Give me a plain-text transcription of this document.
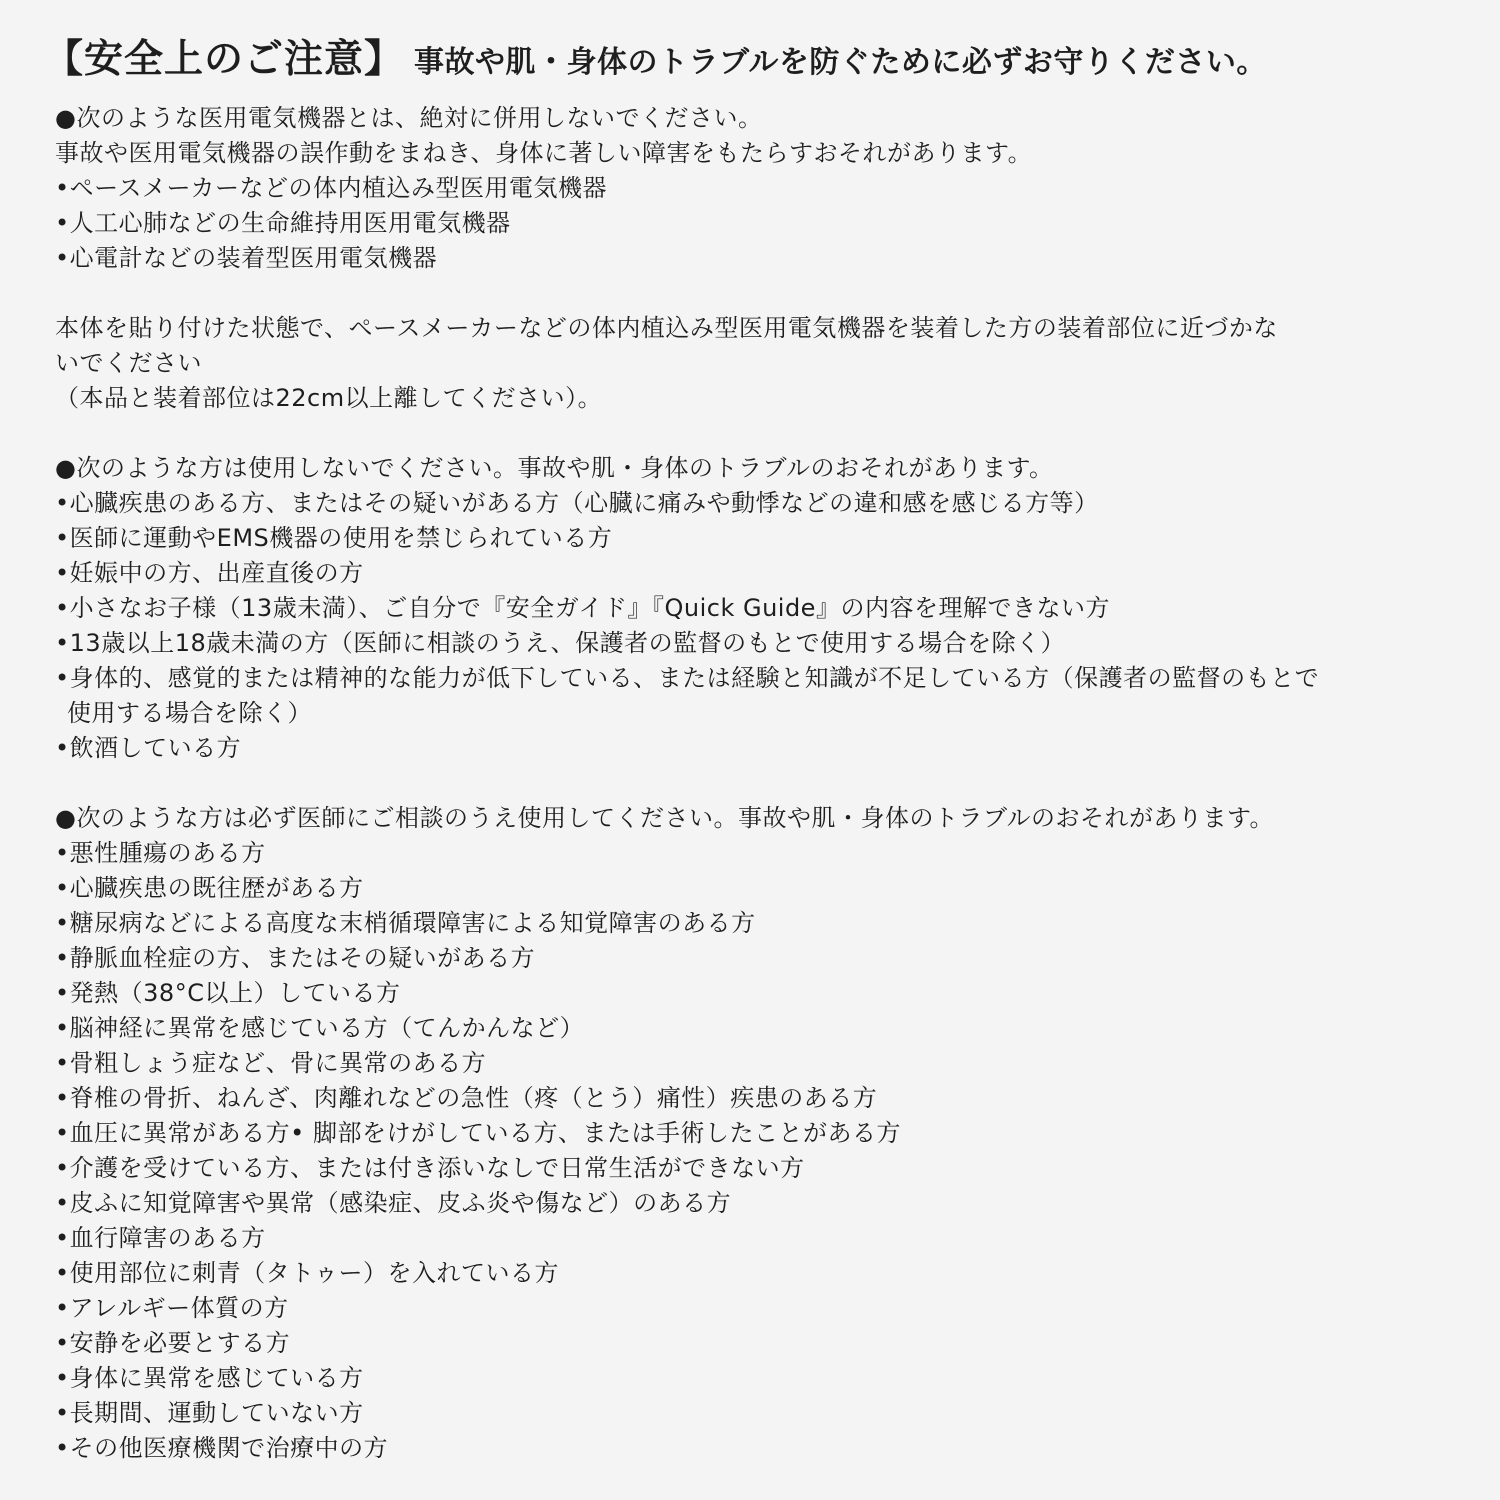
【安全上のご注意】 事故や肌・身体のトラブルを防ぐために必ずお守りください。
●次のような医用電気機器とは、絶対に併用しないでください。
事故や医用電気機器の誤作動をまねき、身体に著しい障害をもたらすおそれがあります。
•ペースメーカーなどの体内植込み型医用電気機器
•人工心肺などの生命維持用医用電気機器
•心電計などの装着型医用電気機器
本体を貼り付けた状態で、ペースメーカーなどの体内植込み型医用電気機器を装着した方の装着部位に近づかな
いでください
（本品と装着部位は22cm以上離してください）。
●次のような方は使用しないでください。事故や肌・身体のトラブルのおそれがあります。
•心臓疾患のある方、またはその疑いがある方（心臓に痛みや動悸などの違和感を感じる方等）
•医師に運動やEMS機器の使用を禁じられている方
•妊娠中の方、出産直後の方
•小さなお子様（13歳未満）、ご自分で『安全ガイド』『Quick Guide』の内容を理解できない方
•13歳以上18歳未満の方（医師に相談のうえ、保護者の監督のもとで使用する場合を除く）
•身体的、感覚的または精神的な能力が低下している、または経験と知識が不足している方（保護者の監督のもとで
使用する場合を除く）
•飲酒している方
●次のような方は必ず医師にご相談のうえ使用してください。事故や肌・身体のトラブルのおそれがあります。
•悪性腫瘍のある方
•心臓疾患の既往歴がある方
•糖尿病などによる高度な末梢循環障害による知覚障害のある方
•静脈血栓症の方、またはその疑いがある方
•発熱（38°C以上）している方
•脳神経に異常を感じている方（てんかんなど）
•骨粗しょう症など、骨に異常のある方
•脊椎の骨折、ねんざ、肉離れなどの急性（疼（とう）痛性）疾患のある方
•血圧に異常がある方• 脚部をけがしている方、または手術したことがある方
•介護を受けている方、または付き添いなしで日常生活ができない方
•皮ふに知覚障害や異常（感染症、皮ふ炎や傷など）のある方
•血行障害のある方
•使用部位に刺青（タトゥー）を入れている方
•アレルギー体質の方
•安静を必要とする方
•身体に異常を感じている方
•長期間、運動していない方
•その他医療機関で治療中の方
